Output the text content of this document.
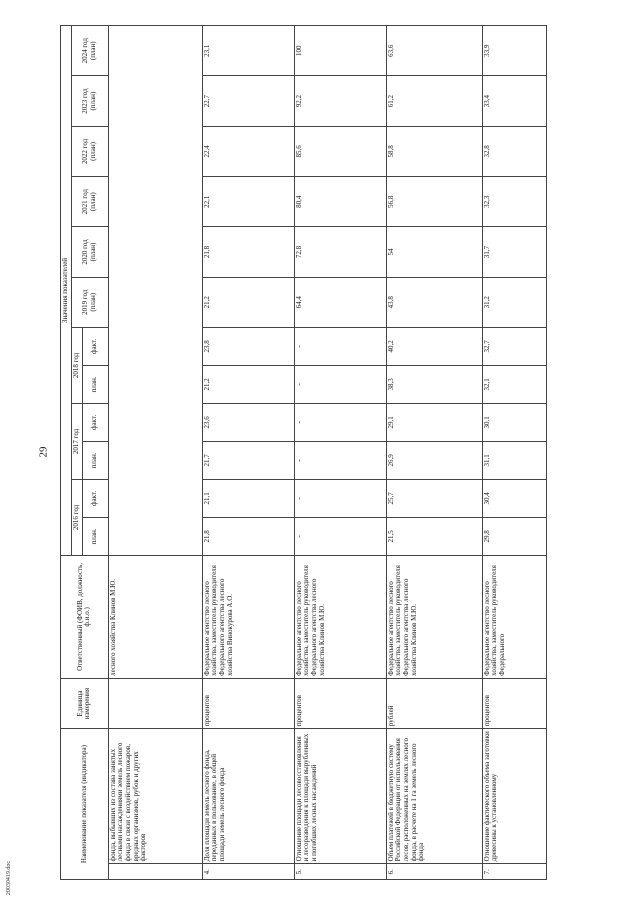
29
20030419.doc
Наименование показателя (индикатора)		Единица измерения	Ответственный (ФОИВ, должность, ф.и.о.)	Значения показателей											
				2016 год		2017 год		2018 год		2019 год (план)	2020 год (план)	2021 год (план)	2022 год (план)	2023 год (план)	2024 год (план)
				план.	факт.	план.	факт.	план.	факт.						
	фонда, выбывших из состава занятых лесными насаждениями земель лесного фонда в связи с воздействием пожаров, вредных организмов, рубок и других факторов		лесного хозяйства Клинов М.Ю.												
4.	Доля площади земель лесного фонда, переданных в пользование, в общей площади земель лесного фонда	процентов	Федеральное агентство лесного хозяйства, заместитель руководителя Федерального агентства лесного хозяйства Винокурова А.О.	21,8	21,1	21,7	23,6	21,2	23,8	21,2	21,8	22,1	22,4	22,7	23,1
5.	Отношение площади лесовосстановления и лесоразведения к площади вырубленных и погибших лесных насаждений	процентов	Федеральное агентство лесного хозяйства, заместитель руководителя Федерального агентства лесного хозяйства Клинов М.Ю.	-	-	-	-	-	-	64,4	72,8	80,4	85,6	92,2	100
6.	Объем платежей в бюджетную систему Российской Федерации от использования лесов, расположенных на землях лесного фонда, в расчете на 1 га земель лесного фонда	рублей	Федеральное агентство лесного хозяйства, заместитель руководителя Федерального агентства лесного хозяйства Клинов М.Ю.	21,5	25,7	26,9	29,1	38,3	40,2	43,8	54	56,8	58,8	61,2	63,6
7.	Отношение фактического объема заготовки древесины к установленному	процентов	Федеральное агентство лесного хозяйства, заместитель руководителя Федерального	29,8	30,4	31,1	30,1	32,1	32,7	31,2	31,7	32,3	32,8	33,4	33,9
